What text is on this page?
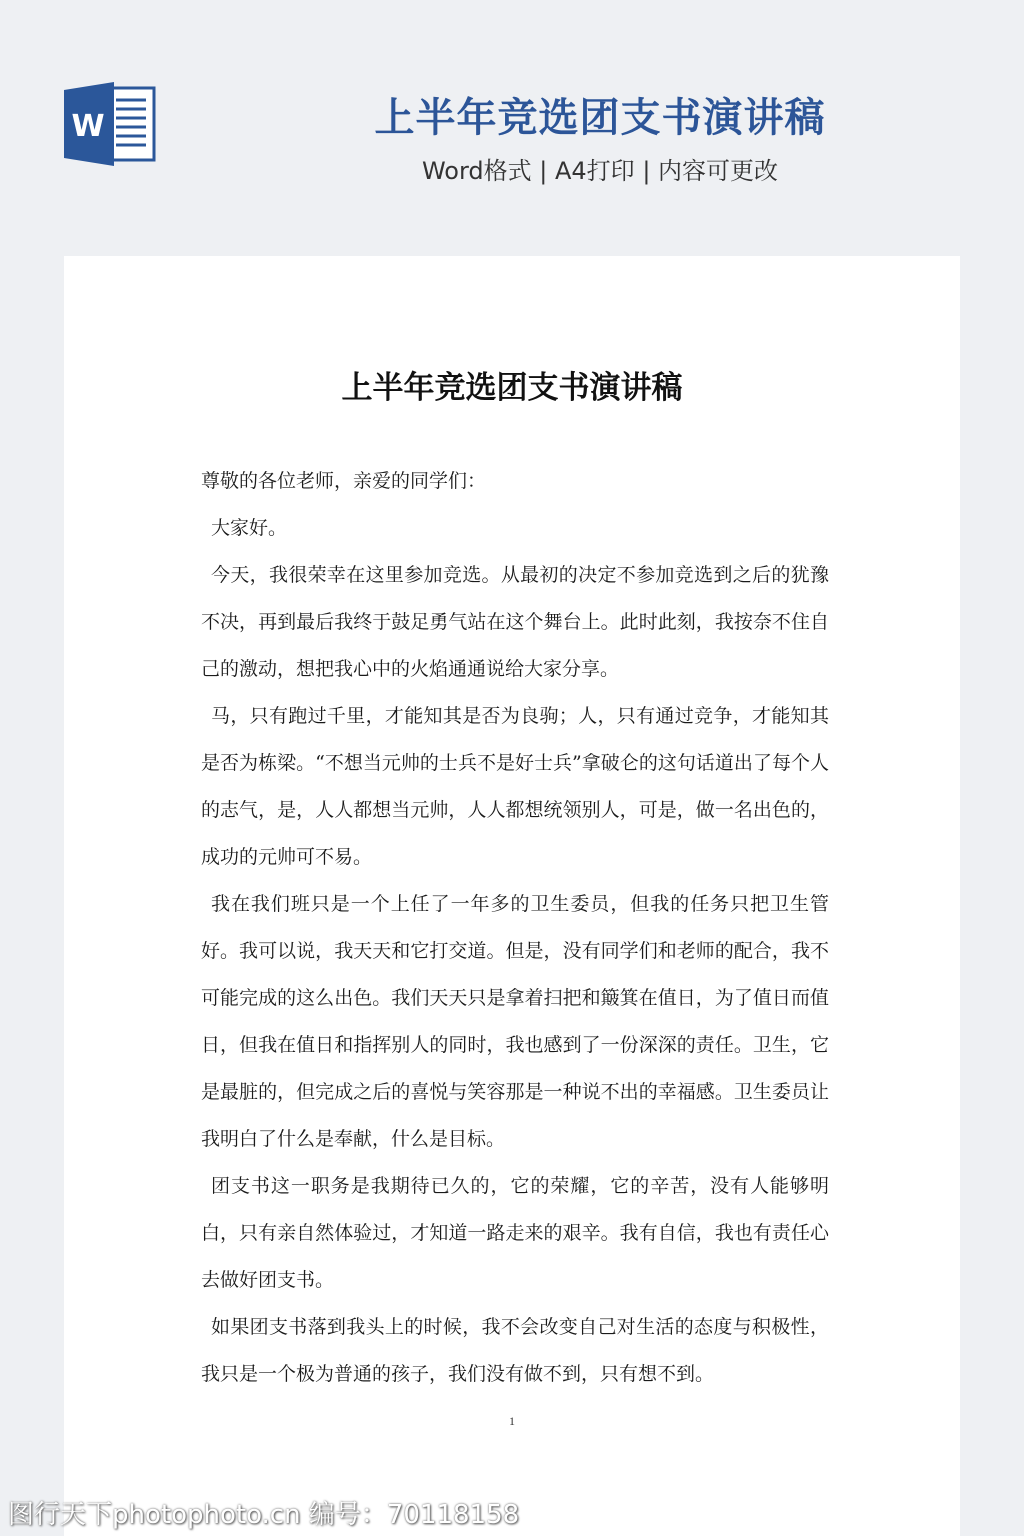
W	上半年竞选团支书演讲稿
Word格式 | A4打印 | 内容可更改
上半年竞选团支书演讲稿

尊敬的各位老师，亲爱的同学们：

大家好。

今天，我很荣幸在这里参加竞选。从最初的决定不参加竞选到之后的犹豫不决，再到最后我终于鼓足勇气站在这个舞台上。此时此刻，我按奈不住自己的激动，想把我心中的火焰通通说给大家分享。

马，只有跑过千里，才能知其是否为良驹；人，只有通过竞争，才能知其是否为栋梁。“不想当元帅的士兵不是好士兵”拿破仑的这句话道出了每个人的志气，是，人人都想当元帅，人人都想统领别人，可是，做一名出色的，成功的元帅可不易。

我在我们班只是一个上任了一年多的卫生委员，但我的任务只把卫生管好。我可以说，我天天和它打交道。但是，没有同学们和老师的配合，我不可能完成的这么出色。我们天天只是拿着扫把和簸箕在值日，为了值日而值日，但我在值日和指挥别人的同时，我也感到了一份深深的责任。卫生，它是最脏的，但完成之后的喜悦与笑容那是一种说不出的幸福感。卫生委员让我明白了什么是奉献，什么是目标。

团支书这一职务是我期待已久的，它的荣耀，它的辛苦，没有人能够明白，只有亲自然体验过，才知道一路走来的艰辛。我有自信，我也有责任心去做好团支书。

如果团支书落到我头上的时候，我不会改变自己对生活的态度与积极性，我只是一个极为普通的孩子，我们没有做不到，只有想不到。

1
图行天下photophoto.cn 编号：70118158
